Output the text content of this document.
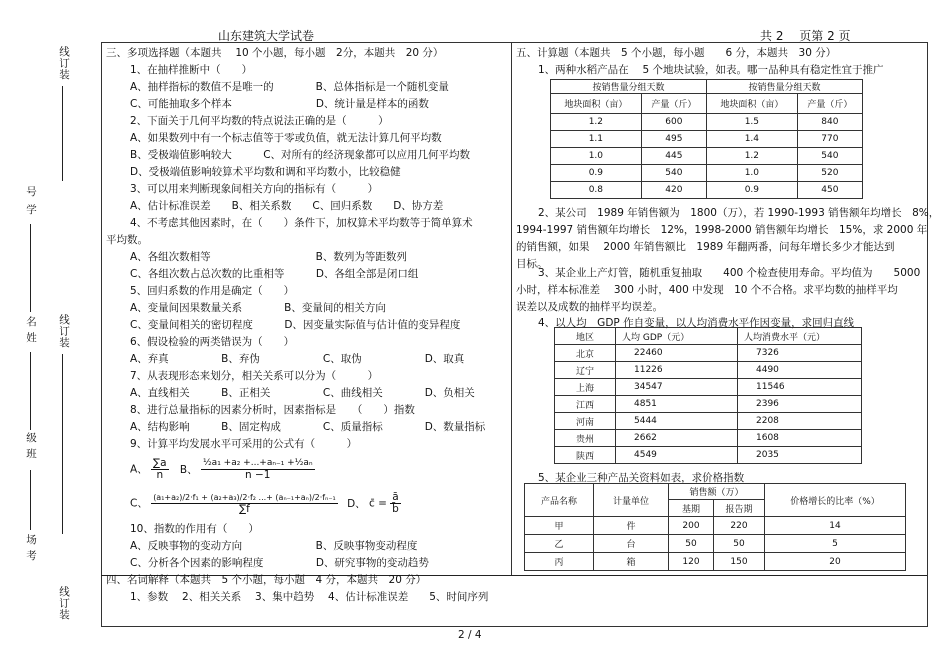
山东建筑大学试卷	共 2　 页第 2 页
线订装
号
学
名
姓 线订装
级
班
场
考
线订装
三、多项选择题（本题共　 10 个小题，每小题　2分，本题共　20 分）
1、在抽样推断中（　　）
A、抽样指标的数值不是唯一的　　　　B、总体指标是一个随机变量
C、可能抽取多个样本　　　　　　　　D、统计量是样本的函数
2、下面关于几何平均数的特点说法正确的是（　　　）
A、如果数列中有一个标志值等于零或负值，就无法计算几何平均数
B、受极端值影响较大　　　C、对所有的经济现象都可以应用几何平均数
D、受极端值影响较算术平均数和调和平均数小，比较稳健
3、可以用来判断现象间相关方向的指标有（　　　）
A、估计标准误差　　B、相关系数　　C、回归系数　　D、协方差
4、不考虑其他因素时，在（　　）条件下，加权算术平均数等于简单算术
平均数。
A、各组次数相等　　　　　　　　　　B、数列为等距数列
C、各组次数占总次数的比重相等　　　D、各组全部是闭口组
5、回归系数的作用是确定（　　）
A、变量间因果数量关系　　　　B、变量间的相关方向
C、变量间相关的密切程度　　　D、因变量实际值与估计值的变异程度
6、假设检验的两类错误为（　　）
A、弃真　　　　　B、弃伪　　　　　　C、取伪　　　　　　D、取真
7、从表现形态来划分，相关关系可以分为（　　　）
A、直线相关　　　B、正相关　　　　　C、曲线相关　　　　D、负相关
8、进行总量指标的因素分析时，因素指标是　　（　　）指数
A、结构影响　　　B、固定构成　　　　C、质量指标　　　　D、数量指标
9、计算平均发展水平可采用的公式有（　　　）
A、 $\frac{\sum a}{n}$ B、 $\frac{\text{½a₁ +a₂ +...+aₙ₋₁ +½aₙ}}{n -1}$
C、 $\frac{\text{(a₁+a₂)/2·f₁ + (a₂+a₃)/2·f₂ ...+ (aₙ₋₁+aₙ)/2·fₙ₋₁}}{\sum f}$ D、 c̄ = $\frac{ā}{b̄}$
10、指数的作用有（　　）
A、反映事物的变动方向　　　　　　　B、反映事物变动程度
C、分析各个因素的影响程度　　　　　D、研究事物的变动趋势
四、名词解释（本题共　5 个小题，每小题　4 分，本题共　20 分）
1、参数　 2、相关关系　 3、集中趋势　 4、估计标准误差　　5、时间序列
五、计算题（本题共　5 个小题，每小题　　6 分，本题共　30 分）
1、两种水稻产品在　 5 个地块试验，如表。哪一品种具有稳定性宜于推广
按销售量分组天数		按销售量分组天数	
地块面积（亩）	产量（斤）	地块面积（亩）	产量（斤）
1.2	600	1.5	840
1.1	495	1.4	770
1.0	445	1.2	540
0.9	540	1.0	520
0.8	420	0.9	450
2、某公司　1989 年销售额为　1800（万），若 1990-1993 销售额年均增长　8%，
1994-1997 销售额年均增长　12%，1998-2000 销售额年均增长　15%，求 2000 年
的销售额，如果　 2000 年销售额比　1989 年翻两番，问每年增长多少才能达到
目标。
3、某企业上产灯管，随机重复抽取　　400 个检查使用寿命。平均值为　　5000
小时，样本标准差　 300 小时，400 中发现　10 个不合格。求平均数的抽样平均
误差以及成数的抽样平均误差。
4、以人均　GDP 作自变量，以人均消费水平作因变量，求回归直线
地区	人均 GDP（元）	人均消费水平（元）
北京	22460	7326
辽宁	11226	4490
上海	34547	11546
江西	4851	2396
河南	5444	2208
贵州	2662	1608
陕西	4549	2035
5、某企业三种产品关资料如表，求价格指数
产品名称	计量单位	销售额（万）		价格增长的比率（%）
		基期	报告期	
甲	件	200	220	14
乙	台	50	50	5
丙	箱	120	150	20
2 / 4
